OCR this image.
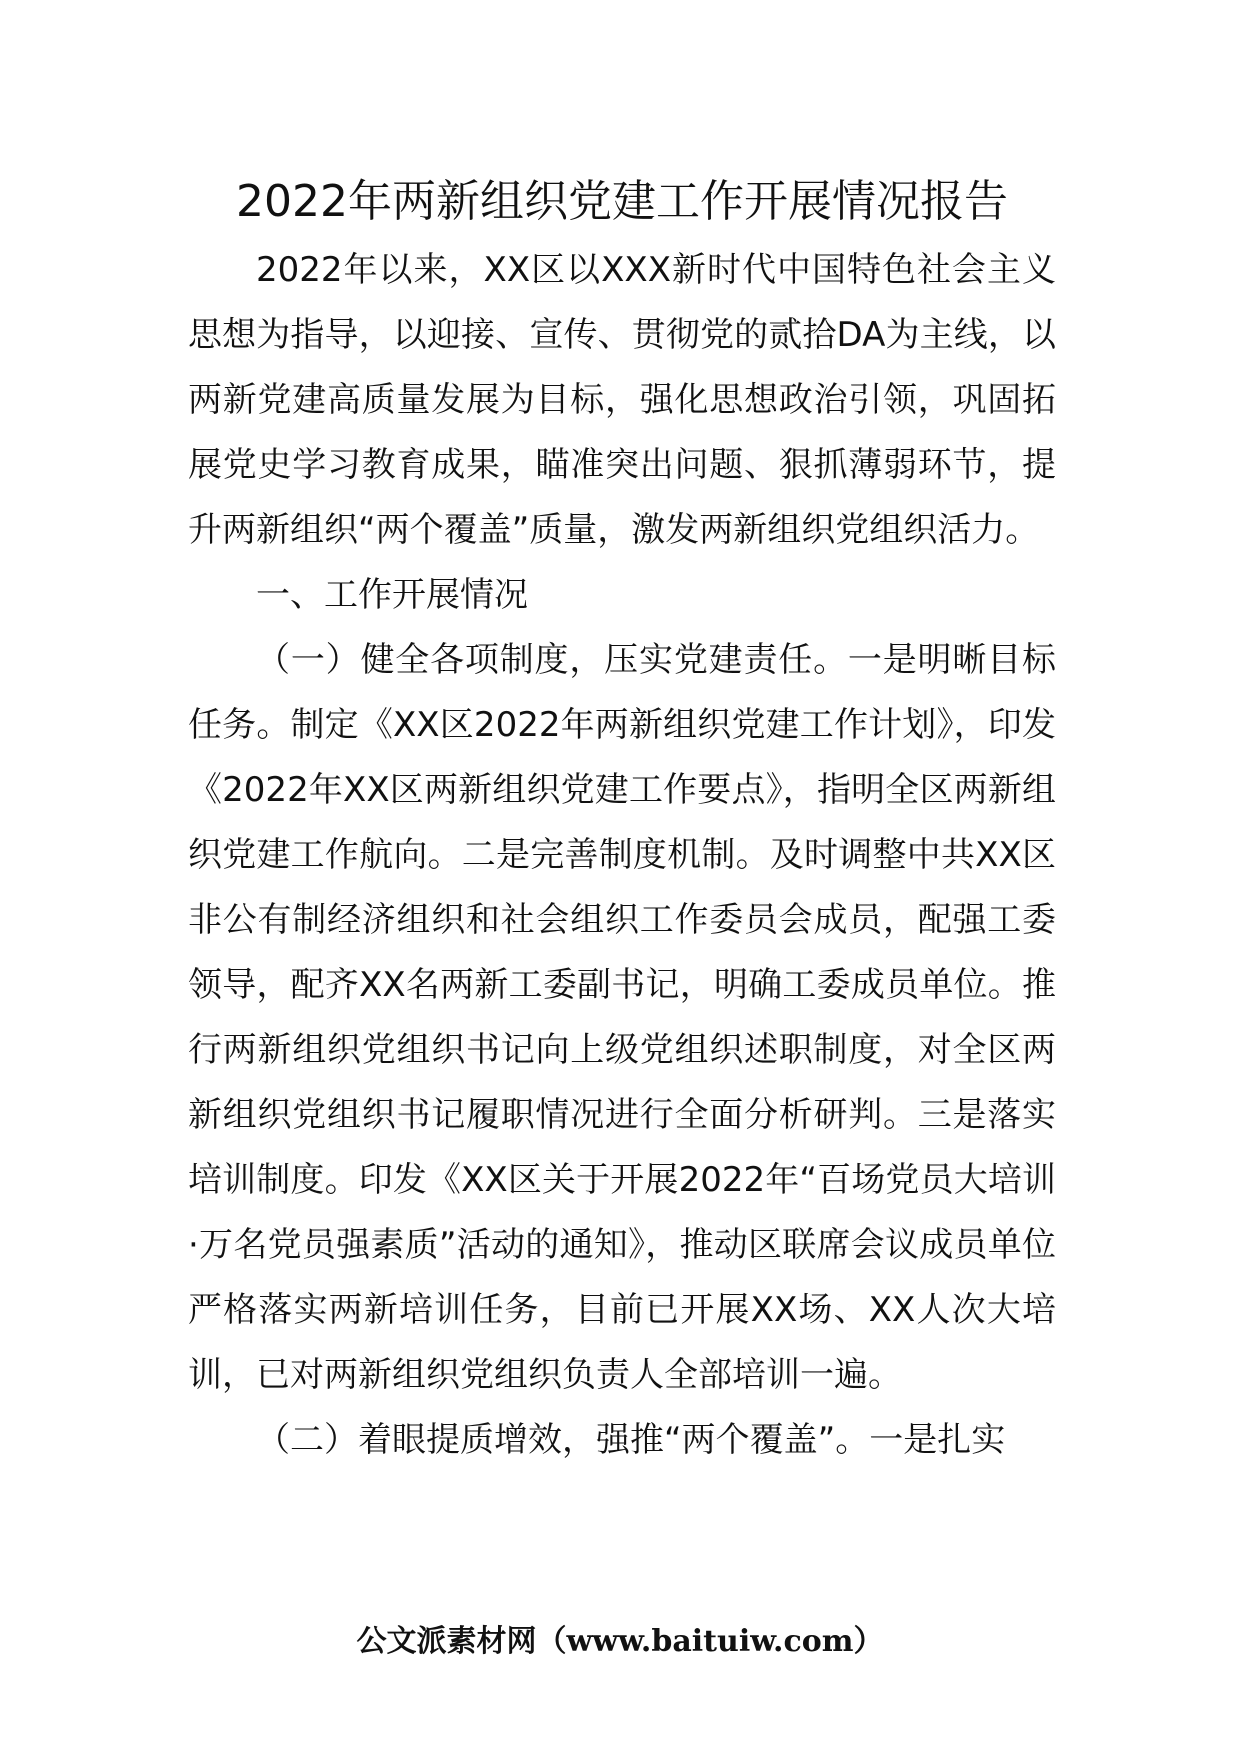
2022年两新组织党建工作开展情况报告

2022年以来，XX区以XXX新时代中国特色社会主义思想为指导，以迎接、宣传、贯彻党的贰拾DA为主线，以两新党建高质量发展为目标，强化思想政治引领，巩固拓展党史学习教育成果，瞄准突出问题、狠抓薄弱环节，提升两新组织“两个覆盖”质量，激发两新组织党组织活力。

一、工作开展情况

（一）健全各项制度，压实党建责任。一是明晰目标任务。制定《XX区2022年两新组织党建工作计划》，印发《2022年XX区两新组织党建工作要点》，指明全区两新组织党建工作航向。二是完善制度机制。及时调整中共XX区非公有制经济组织和社会组织工作委员会成员，配强工委领导，配齐XX名两新工委副书记，明确工委成员单位。推行两新组织党组织书记向上级党组织述职制度，对全区两新组织党组织书记履职情况进行全面分析研判。三是落实培训制度。印发《XX区关于开展2022年“百场党员大培训·万名党员强素质”活动的通知》，推动区联席会议成员单位严格落实两新培训任务，目前已开展XX场、XX人次大培训，已对两新组织党组织负责人全部培训一遍。

（二）着眼提质增效，强推“两个覆盖”。一是扎实

公文派素材网（www.baituiw.com）
